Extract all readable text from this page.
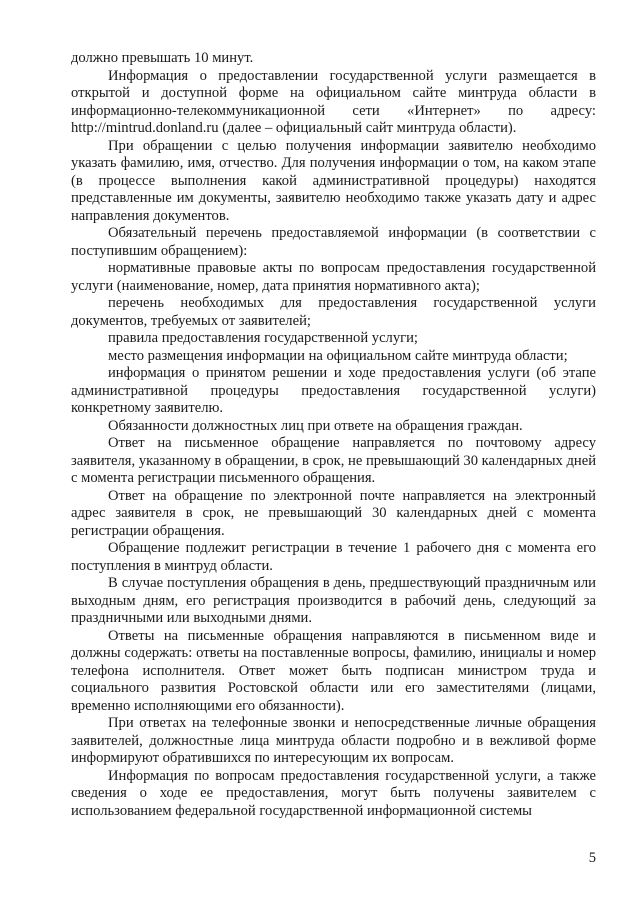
должно превышать 10 минут.

Информация о предоставлении государственной услуги размещается в открытой и доступной форме на официальном сайте минтруда области в информационно-телекоммуникационной сети «Интернет» по адресу: http://mintrud.donland.ru (далее – официальный сайт минтруда области).

При обращении с целью получения информации заявителю необходимо указать фамилию, имя, отчество. Для получения информации о том, на каком этапе (в процессе выполнения какой административной процедуры) находятся представленные им документы, заявителю необходимо также указать дату и адрес направления документов.

Обязательный перечень предоставляемой информации (в соответствии с поступившим обращением):

нормативные правовые акты по вопросам предоставления государственной услуги (наименование, номер, дата принятия нормативного акта);

перечень необходимых для предоставления государственной услуги документов, требуемых от заявителей;

правила предоставления государственной услуги;

место размещения информации на официальном сайте минтруда области;

информация о принятом решении и ходе предоставления услуги (об этапе административной процедуры предоставления государственной услуги) конкретному заявителю.

Обязанности должностных лиц при ответе на обращения граждан.

Ответ на письменное обращение направляется по почтовому адресу заявителя, указанному в обращении, в срок, не превышающий 30 календарных дней с момента регистрации письменного обращения.

Ответ на обращение по электронной почте направляется на электронный адрес заявителя в срок, не превышающий 30 календарных дней с момента регистрации обращения.

Обращение подлежит регистрации в течение 1 рабочего дня с момента его поступления в минтруд области.

В случае поступления обращения в день, предшествующий праздничным или выходным дням, его регистрация производится в рабочий день, следующий за праздничными или выходными днями.

Ответы на письменные обращения направляются в письменном виде и должны содержать: ответы на поставленные вопросы, фамилию, инициалы и номер телефона исполнителя. Ответ может быть подписан министром труда и социального развития Ростовской области или его заместителями (лицами, временно исполняющими его обязанности).

При ответах на телефонные звонки и непосредственные личные обращения заявителей, должностные лица минтруда области подробно и в вежливой форме информируют обратившихся по интересующим их вопросам.

Информация по вопросам предоставления государственной услуги, а также сведения о ходе ее предоставления, могут быть получены заявителем с использованием федеральной государственной информационной системы

5
